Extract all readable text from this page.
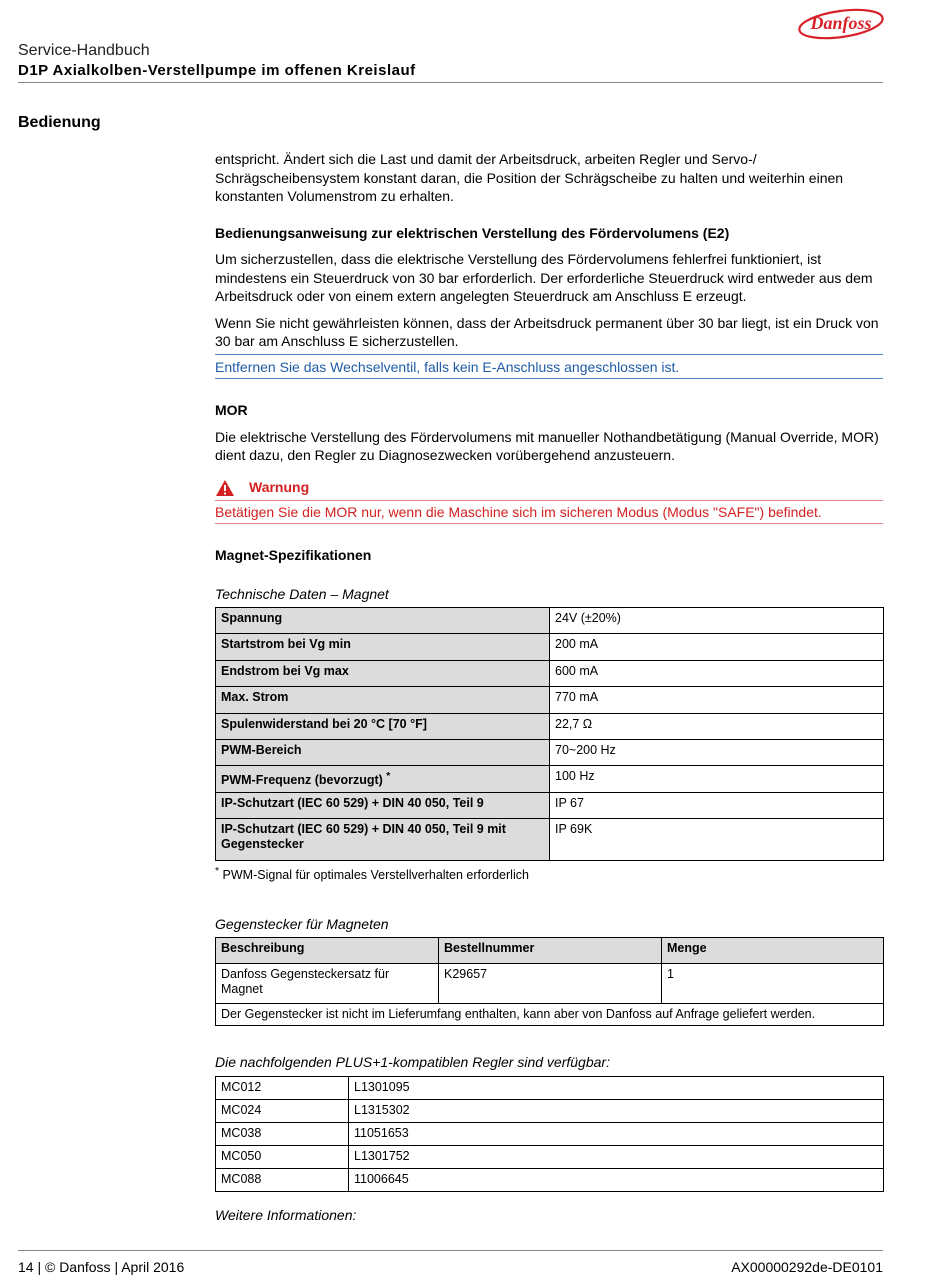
Danfoss
Service-Handbuch
D1P Axialkolben-Verstellpumpe im offenen Kreislauf
Bedienung

entspricht. Ändert sich die Last und damit der Arbeitsdruck, arbeiten Regler und Servo-/ Schrägscheibensystem konstant daran, die Position der Schrägscheibe zu halten und weiterhin einen konstanten Volumenstrom zu erhalten.

Bedienungsanweisung zur elektrischen Verstellung des Fördervolumens (E2)

Um sicherzustellen, dass die elektrische Verstellung des Fördervolumens fehlerfrei funktioniert, ist mindestens ein Steuerdruck von 30 bar erforderlich. Der erforderliche Steuerdruck wird entweder aus dem Arbeitsdruck oder von einem extern angelegten Steuerdruck am Anschluss E erzeugt.

Wenn Sie nicht gewährleisten können, dass der Arbeitsdruck permanent über 30 bar liegt, ist ein Druck von 30 bar am Anschluss E sicherzustellen.

Entfernen Sie das Wechselventil, falls kein E-Anschluss angeschlossen ist.

MOR

Die elektrische Verstellung des Fördervolumens mit manueller Nothandbetätigung (Manual Override, MOR) dient dazu, den Regler zu Diagnosezwecken vorübergehend anzusteuern.

Warnung

Betätigen Sie die MOR nur, wenn die Maschine sich im sicheren Modus (Modus "SAFE") befindet.

Magnet-Spezifikationen

Technische Daten – Magnet

Spannung	24V (±20%)
Startstrom bei Vg min	200 mA
Endstrom bei Vg max	600 mA
Max. Strom	770 mA
Spulenwiderstand bei 20 °C [70 °F]	22,7 Ω
PWM-Bereich	70~200 Hz
PWM-Frequenz (bevorzugt) *	100 Hz
IP-Schutzart (IEC 60 529) + DIN 40 050, Teil 9	IP 67
IP-Schutzart (IEC 60 529) + DIN 40 050, Teil 9 mit Gegenstecker	IP 69K

* PWM-Signal für optimales Verstellverhalten erforderlich

Gegenstecker für Magneten

Beschreibung	Bestellnummer	Menge
Danfoss Gegensteckersatz für Magnet	K29657	1
Der Gegenstecker ist nicht im Lieferumfang enthalten, kann aber von Danfoss auf Anfrage geliefert werden.		

Die nachfolgenden PLUS+1-kompatiblen Regler sind verfügbar:

MC012	L1301095
MC024	L1315302
MC038	11051653
MC050	L1301752
MC088	11006645

Weitere Informationen:

14 | © Danfoss | April 2016	AX00000292de-DE0101
